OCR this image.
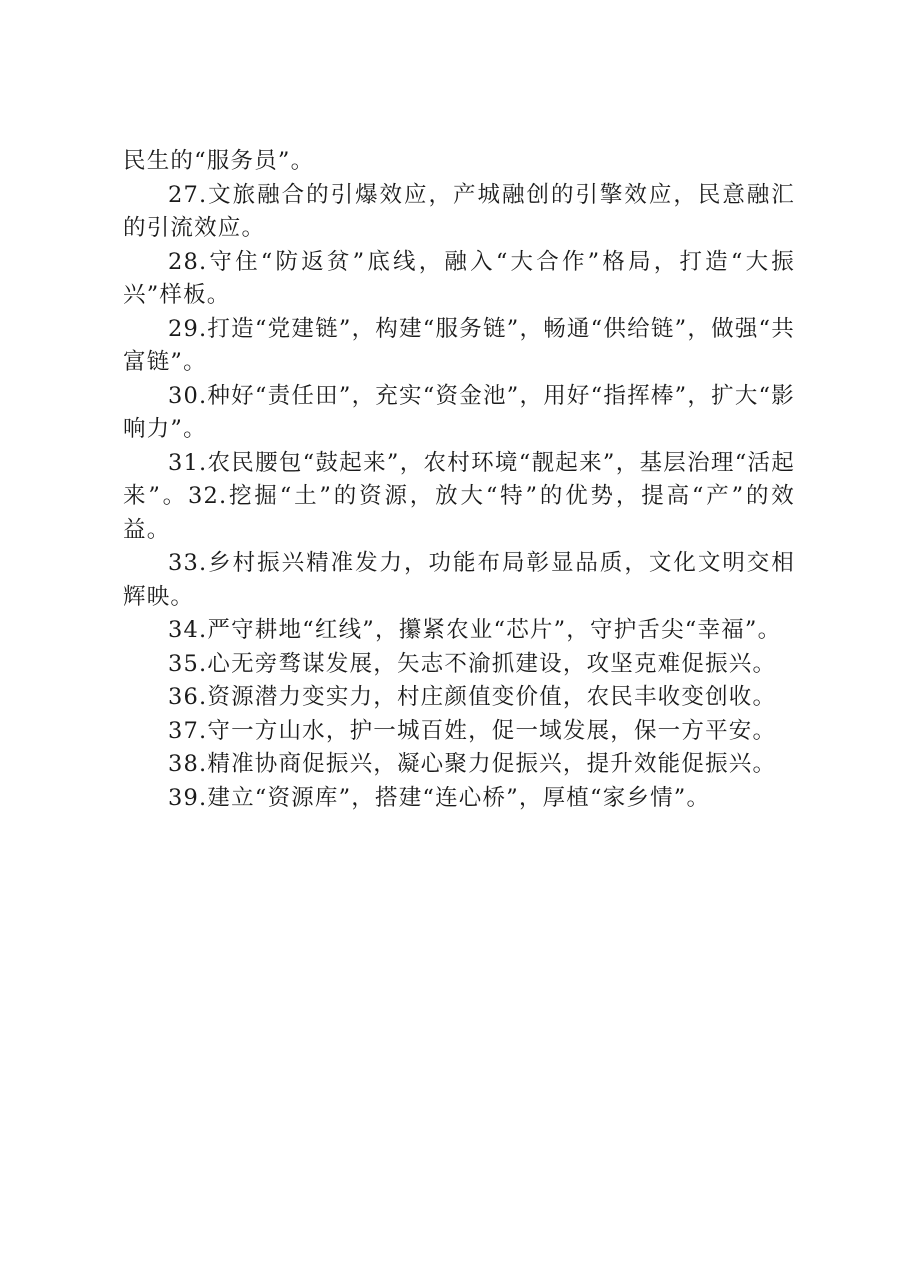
民生的“服务员”。

27.文旅融合的引爆效应，产城融创的引擎效应，民意融汇的引流效应。

28.守住“防返贫”底线，融入“大合作”格局，打造“大振兴”样板。

29.打造“党建链”，构建“服务链”，畅通“供给链”，做强“共富链”。

30.种好“责任田”，充实“资金池”，用好“指挥棒”，扩大“影响力”。

31.农民腰包“鼓起来”，农村环境“靓起来”，基层治理“活起来”。32.挖掘“土”的资源，放大“特”的优势，提高“产”的效益。

33.乡村振兴精准发力，功能布局彰显品质，文化文明交相辉映。

34.严守耕地“红线”，攥紧农业“芯片”，守护舌尖“幸福”。

35.心无旁骛谋发展，矢志不渝抓建设，攻坚克难促振兴。

36.资源潜力变实力，村庄颜值变价值，农民丰收变创收。

37.守一方山水，护一城百姓，促一域发展，保一方平安。

38.精准协商促振兴，凝心聚力促振兴，提升效能促振兴。

39.建立“资源库”，搭建“连心桥”，厚植“家乡情”。
